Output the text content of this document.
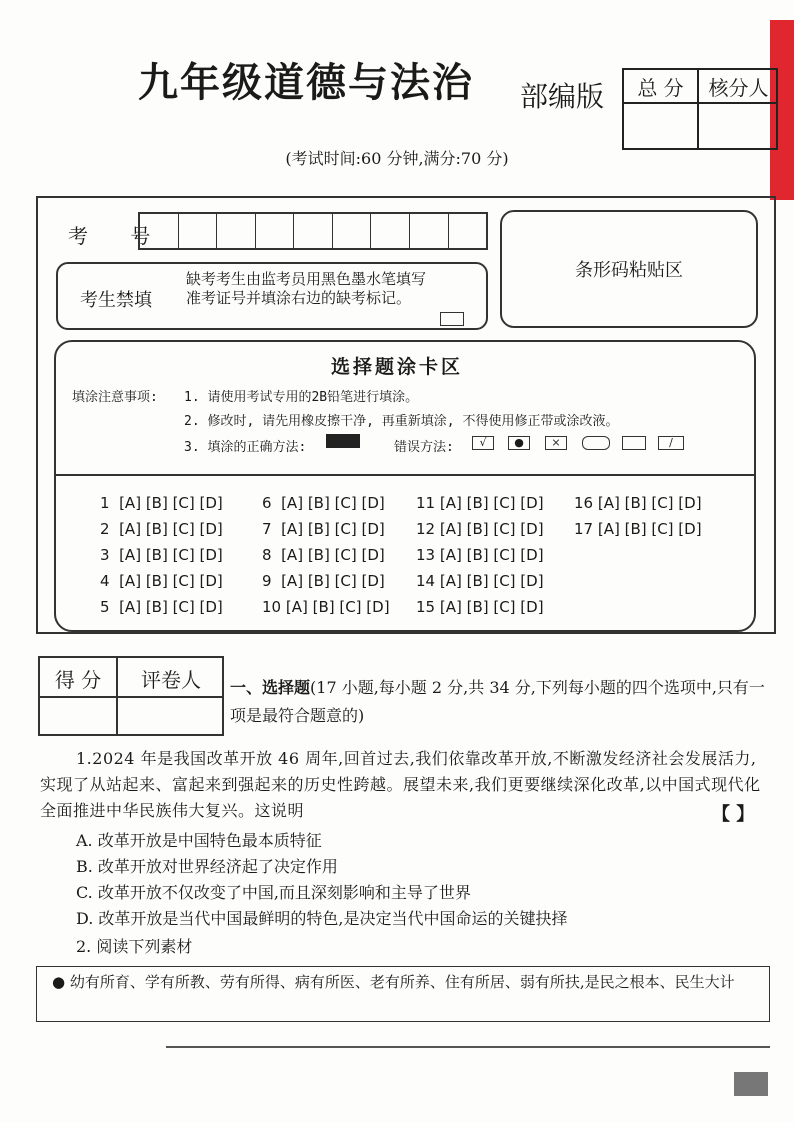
九年级道德与法治 部编版	总 分	核分人
(考试时间:60 分钟,满分:70 分)
考 号
条形码粘贴区
考生禁填
缺考考生由监考员用黑色墨水笔填写准考证号并填涂右边的缺考标记。
选择题涂卡区
填涂注意事项: 1. 请使用考试专用的2B铅笔进行填涂。
2. 修改时, 请先用橡皮擦干净, 再重新填涂, 不得使用修正带或涂改液。
3. 填涂的正确方法:	错误方法:	√	●	×	/
1  [A] [B] [C] [D]	6  [A] [B] [C] [D] 11 [A] [B] [C] [D] 16 [A] [B] [C] [D]
2  [A] [B] [C] [D]	7  [A] [B] [C] [D] 12 [A] [B] [C] [D] 17 [A] [B] [C] [D]
3  [A] [B] [C] [D]	8  [A] [B] [C] [D] 13 [A] [B] [C] [D]
4  [A] [B] [C] [D]	9  [A] [B] [C] [D] 14 [A] [B] [C] [D]
5  [A] [B] [C] [D]	10 [A] [B] [C] [D] 15 [A] [B] [C] [D]
得 分	评卷人	一、选择题(17 小题,每小题 2 分,共 34 分,下列每小题的四个选项中,只有一项是最符合题意的)
1.2024 年是我国改革开放 46 周年,回首过去,我们依靠改革开放,不断激发经济社会发展活力,实现了从站起来、富起来到强起来的历史性跨越。展望未来,我们更要继续深化改革,以中国式现代化全面推进中华民族伟大复兴。这说明	【 】
A. 改革开放是中国特色最本质特征
B. 改革开放对世界经济起了决定作用
C. 改革开放不仅改变了中国,而且深刻影响和主导了世界
D. 改革开放是当代中国最鲜明的特色,是决定当代中国命运的关键抉择
2. 阅读下列素材
● 幼有所育、学有所教、劳有所得、病有所医、老有所养、住有所居、弱有所扶,是民之根本、民生大计
